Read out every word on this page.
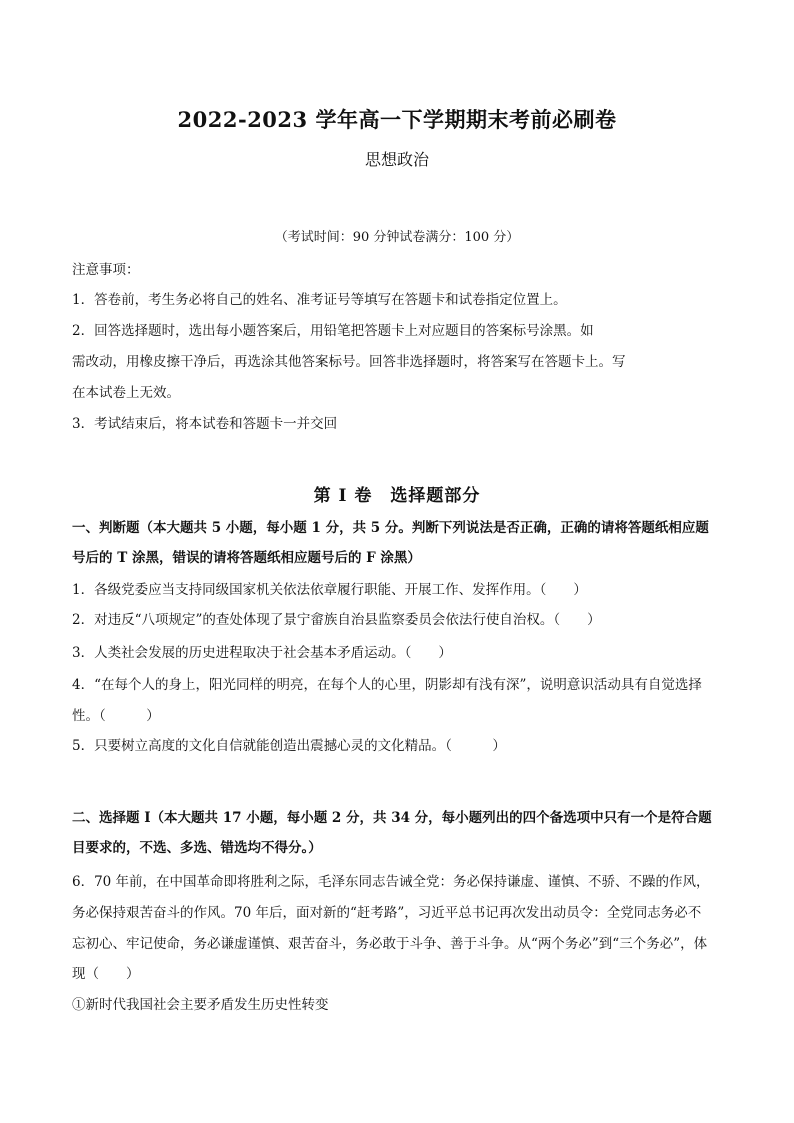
2022-2023 学年高一下学期期末考前必刷卷
思想政治
（考试时间：90 分钟试卷满分：100 分）
注意事项：
1．答卷前，考生务必将自己的姓名、准考证号等填写在答题卡和试卷指定位置上。
2．回答选择题时，选出每小题答案后，用铅笔把答题卡上对应题目的答案标号涂黑。如
需改动，用橡皮擦干净后，再选涂其他答案标号。回答非选择题时，将答案写在答题卡上。写
在本试卷上无效。
3．考试结束后，将本试卷和答题卡一并交回
第 I 卷　选择题部分
一、判断题（本大题共 5 小题，每小题 1 分，共 5 分。判断下列说法是否正确，正确的请将答题纸相应题
号后的 T 涂黑，错误的请将答题纸相应题号后的 F 涂黑）
1．各级党委应当支持同级国家机关依法依章履行职能、开展工作、发挥作用。（　　）
2．对违反“八项规定”的查处体现了景宁畲族自治县监察委员会依法行使自治权。（　　）
3．人类社会发展的历史进程取决于社会基本矛盾运动。（　　）
4．“在每个人的身上，阳光同样的明亮，在每个人的心里，阴影却有浅有深”，说明意识活动具有自觉选择
性。（　　　）
5．只要树立高度的文化自信就能创造出震撼心灵的文化精品。（　　　）
二、选择题 I（本大题共 17 小题，每小题 2 分，共 34 分，每小题列出的四个备选项中只有一个是符合题
目要求的，不选、多选、错选均不得分。）
6．70 年前，在中国革命即将胜利之际，毛泽东同志告诫全党：务必保持谦虚、谨慎、不骄、不躁的作风，
务必保持艰苦奋斗的作风。70 年后，面对新的“赶考路”，习近平总书记再次发出动员令：全党同志务必不
忘初心、牢记使命，务必谦虚谨慎、艰苦奋斗，务必敢于斗争、善于斗争。从“两个务必”到“三个务必”，体
现（　　）
①新时代我国社会主要矛盾发生历史性转变
